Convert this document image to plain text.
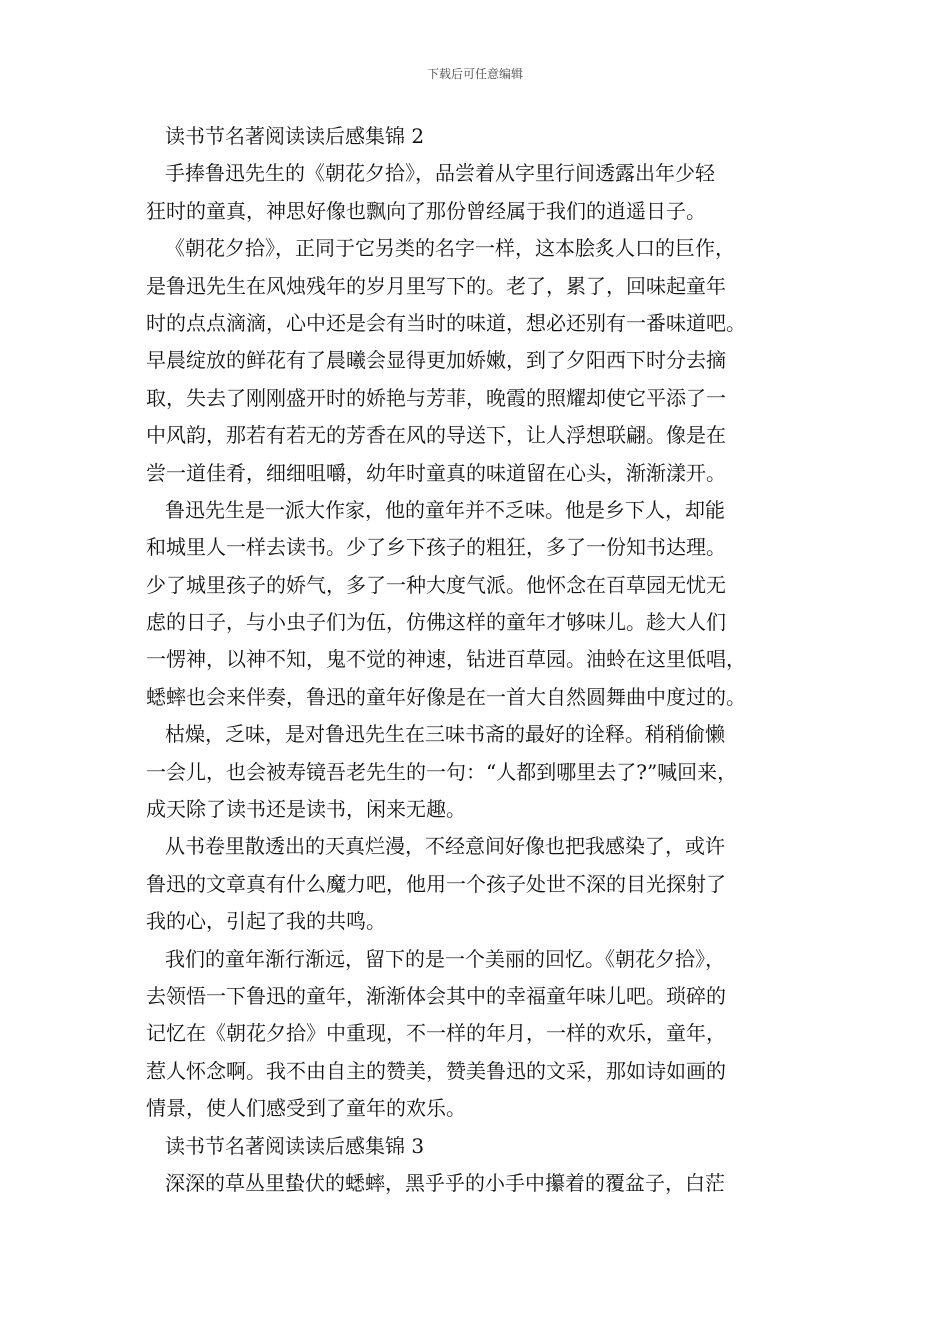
下载后可任意编辑
读书节名著阅读读后感集锦 2
手捧鲁迅先生的《朝花夕拾》，品尝着从字里行间透露出年少轻
狂时的童真，神思好像也飘向了那份曾经属于我们的逍遥日子。
《朝花夕拾》，正同于它另类的名字一样，这本脍炙人口的巨作，
是鲁迅先生在风烛残年的岁月里写下的。老了，累了，回味起童年
时的点点滴滴，心中还是会有当时的味道，想必还别有一番味道吧。
早晨绽放的鲜花有了晨曦会显得更加娇嫩，到了夕阳西下时分去摘
取，失去了刚刚盛开时的娇艳与芳菲，晚霞的照耀却使它平添了一
中风韵，那若有若无的芳香在风的导送下，让人浮想联翩。像是在
尝一道佳肴，细细咀嚼，幼年时童真的味道留在心头，渐渐漾开。
鲁迅先生是一派大作家，他的童年并不乏味。他是乡下人，却能
和城里人一样去读书。少了乡下孩子的粗狂，多了一份知书达理。
少了城里孩子的娇气，多了一种大度气派。他怀念在百草园无忧无
虑的日子，与小虫子们为伍，仿佛这样的童年才够味儿。趁大人们
一愣神，以神不知，鬼不觉的神速，钻进百草园。油蛉在这里低唱，
蟋蟀也会来伴奏，鲁迅的童年好像是在一首大自然圆舞曲中度过的。
枯燥，乏味，是对鲁迅先生在三味书斋的最好的诠释。稍稍偷懒
一会儿，也会被寿镜吾老先生的一句：“人都到哪里去了?”喊回来，
成天除了读书还是读书，闲来无趣。
从书卷里散透出的天真烂漫，不经意间好像也把我感染了，或许
鲁迅的文章真有什么魔力吧，他用一个孩子处世不深的目光探射了
我的心，引起了我的共鸣。
我们的童年渐行渐远，留下的是一个美丽的回忆。《朝花夕拾》，
去领悟一下鲁迅的童年，渐渐体会其中的幸福童年味儿吧。琐碎的
记忆在《朝花夕拾》中重现，不一样的年月，一样的欢乐，童年，
惹人怀念啊。我不由自主的赞美，赞美鲁迅的文采，那如诗如画的
情景，使人们感受到了童年的欢乐。
读书节名著阅读读后感集锦 3
深深的草丛里蛰伏的蟋蟀，黑乎乎的小手中攥着的覆盆子，白茫
